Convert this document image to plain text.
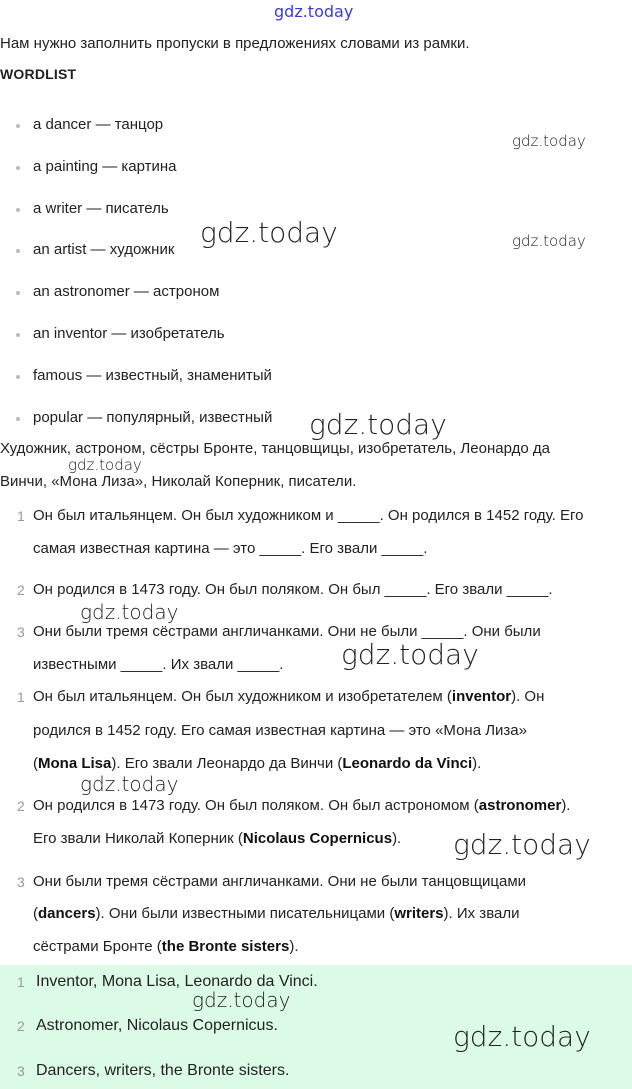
gdz.today
Нам нужно заполнить пропуски в предложениях словами из рамки.
WORDLIST
a dancer — танцор
a painting — картина
a writer — писатель
an artist — художник
an astronomer — астроном
an inventor — изобретатель
famous — известный, знаменитый
popular — популярный, известный
Художник, астроном, сёстры Бронте, танцовщицы, изобретатель, Леонардо да
Винчи, «Мона Лиза», Николай Коперник, писатели.
1 Он был итальянцем. Он был художником и _____. Он родился в 1452 году. Его
самая известная картина — это _____. Его звали _____.
2 Он родился в 1473 году. Он был поляком. Он был _____. Его звали _____.
3 Они были тремя сёстрами англичанками. Они не были _____. Они были
известными _____. Их звали _____.
1 Он был итальянцем. Он был художником и изобретателем (inventor). Он
родился в 1452 году. Его самая известная картина — это «Мона Лиза»
(Mona Lisa). Его звали Леонардо да Винчи (Leonardo da Vinci).
2 Он родился в 1473 году. Он был поляком. Он был астрономом (astronomer).
Его звали Николай Коперник (Nicolaus Copernicus).
3 Они были тремя сёстрами англичанками. Они не были танцовщицами
(dancers). Они были известными писательницами (writers). Их звали
сёстрами Бронте (the Bronte sisters).
1 Inventor, Mona Lisa, Leonardo da Vinci.
2 Astronomer, Nicolaus Copernicus.
3 Dancers, writers, the Bronte sisters.
gdz.today
gdz.today	gdz.today
gdz.today
gdz.today
gdz.today
gdz.today
gdz.today
gdz.today
gdz.today
gdz.today
